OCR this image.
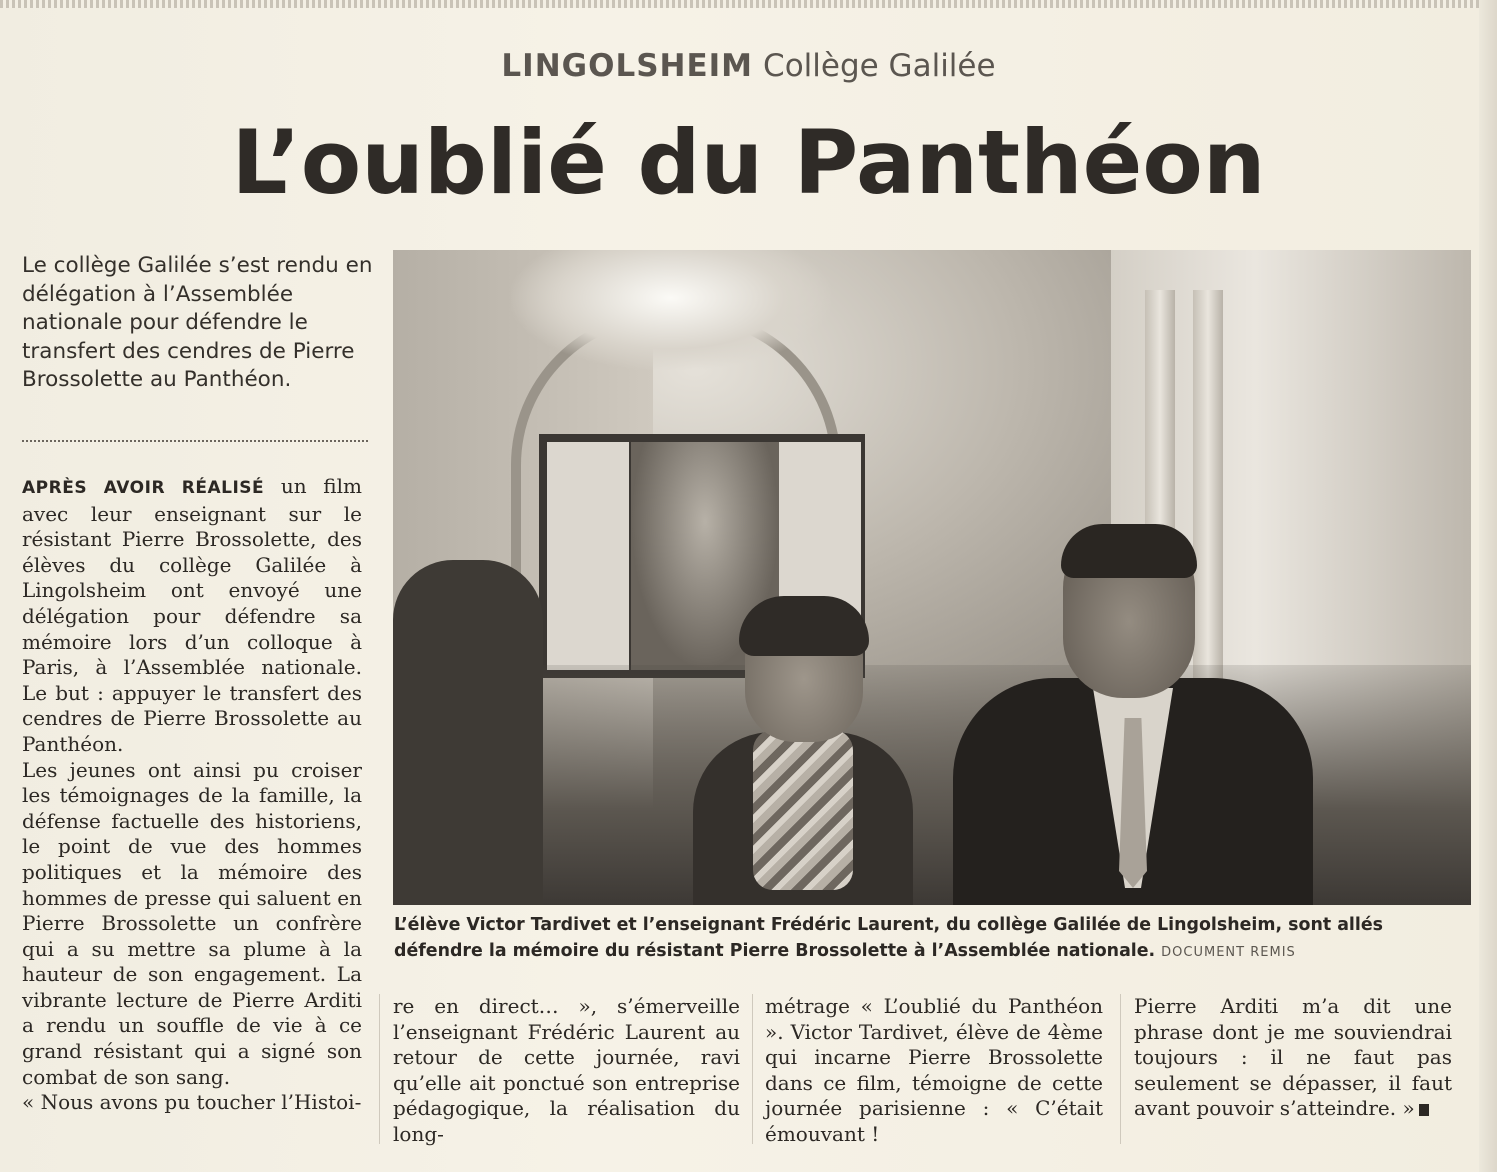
LINGOLSHEIM Collège Galilée
L’oublié du Panthéon
Le collège Galilée s’est rendu en délégation à l’Assemblée nationale pour défendre le transfert des cendres de Pierre Brossolette au Panthéon.

APRÈS AVOIR RÉALISÉ un film avec leur enseignant sur le résistant Pierre Brossolette, des élèves du collège Galilée à Lingolsheim ont envoyé une délégation pour défendre sa mémoire lors d’un colloque à Paris, à l’Assemblée nationale. Le but : appuyer le transfert des cendres de Pierre Brossolette au Panthéon.

Les jeunes ont ainsi pu croiser les témoignages de la famille, la défense factuelle des historiens, le point de vue des hommes politiques et la mémoire des hommes de presse qui saluent en Pierre Brossolette un confrère qui a su mettre sa plume à la hauteur de son engagement. La vibrante lecture de Pierre Arditi a rendu un souffle de vie à ce grand résistant qui a signé son combat de son sang.

« Nous avons pu toucher l’Histoi-

L’élève Victor Tardivet et l’enseignant Frédéric Laurent, du collège Galilée de Lingolsheim, sont allés défendre la mémoire du résistant Pierre Brossolette à l’Assemblée nationale. DOCUMENT REMIS

re en direct… », s’émerveille l’enseignant Frédéric Laurent au retour de cette journée, ravi qu’elle ait ponctué son entreprise pédagogique, la réalisation du long-

métrage « L’oublié du Panthéon ». Victor Tardivet, élève de 4ème qui incarne Pierre Brossolette dans ce film, témoigne de cette journée parisienne : « C’était émouvant !

Pierre Arditi m’a dit une phrase dont je me souviendrai toujours : il ne faut pas seulement se dépasser, il faut avant pouvoir s’atteindre. »
